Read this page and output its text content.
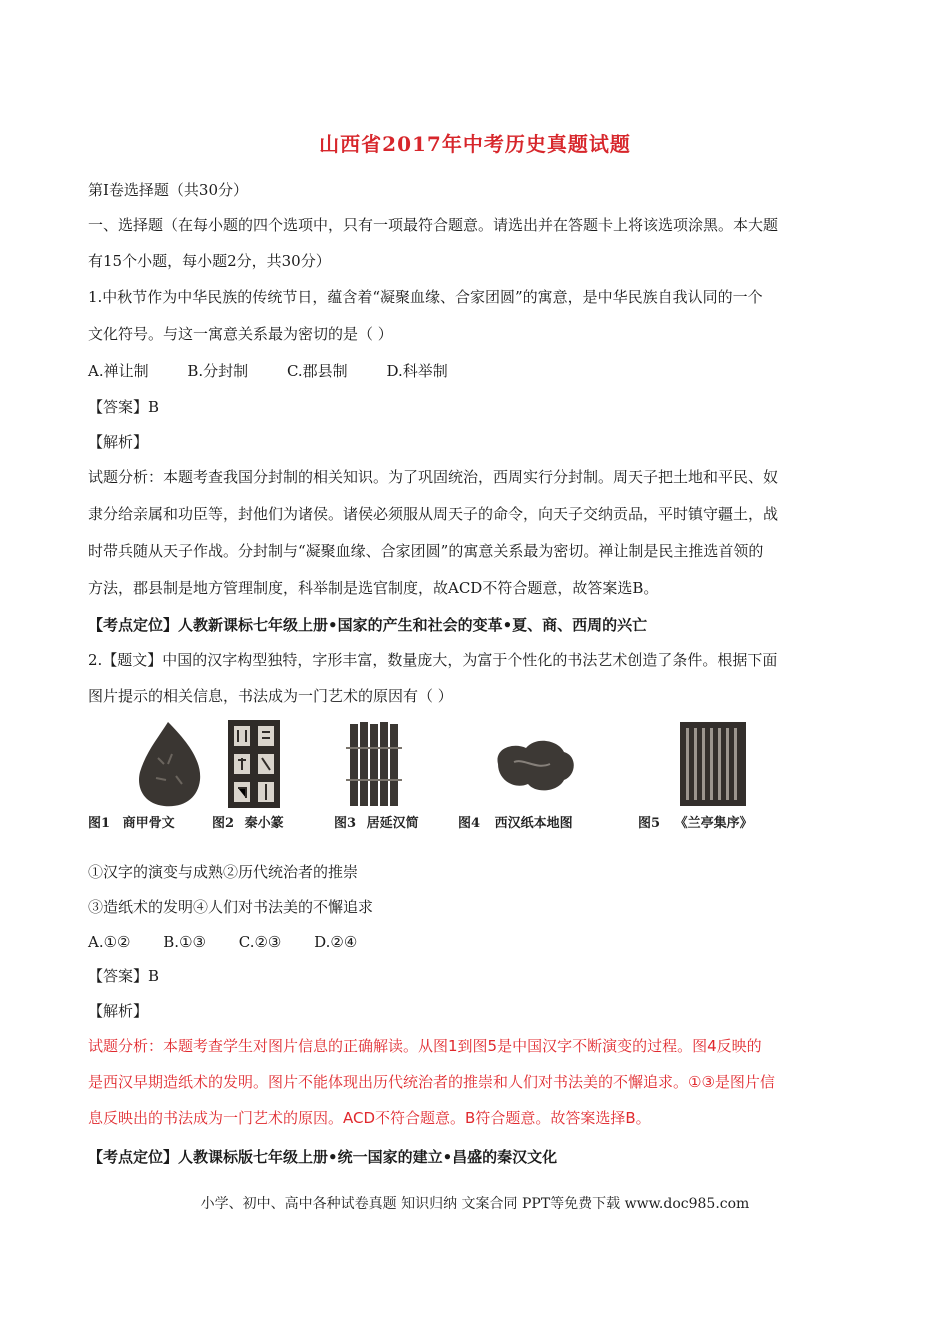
山西省2017年中考历史真题试题
第I卷选择题（共30分）
一、选择题（在每小题的四个选项中，只有一项最符合题意。请选出并在答题卡上将该选项涂黑。本大题
有15个小题，每小题2分，共30分）
1.中秋节作为中华民族的传统节日，蕴含着“凝聚血缘、合家团圆”的寓意，是中华民族自我认同的一个
文化符号。与这一寓意关系最为密切的是（ ）
A.禅让制	B.分封制	C.郡县制	D.科举制
【答案】B
【解析】
试题分析：本题考查我国分封制的相关知识。为了巩固统治，西周实行分封制。周天子把土地和平民、奴
隶分给亲属和功臣等，封他们为诸侯。诸侯必须服从周天子的命令，向天子交纳贡品，平时镇守疆土，战
时带兵随从天子作战。分封制与“凝聚血缘、合家团圆”的寓意关系最为密切。禅让制是民主推选首领的
方法，郡县制是地方管理制度，科举制是选官制度，故ACD不符合题意，故答案选B。
【考点定位】人教新课标七年级上册•国家的产生和社会的变革•夏、商、西周的兴亡
2.【题文】中国的汉字构型独特，字形丰富，数量庞大，为富于个性化的书法艺术创造了条件。根据下面
图片提示的相关信息，书法成为一门艺术的原因有（ ）
图1 商甲骨文	图2 秦小篆	图3 居延汉简	图4 西汉纸本地图	图5 《兰亭集序》
①汉字的演变与成熟②历代统治者的推崇
③造纸术的发明④人们对书法美的不懈追求
A.①② B.①③ C.②③ D.②④
【答案】B
【解析】
试题分析：本题考查学生对图片信息的正确解读。从图1到图5是中国汉字不断演变的过程。图4反映的
是西汉早期造纸术的发明。图片不能体现出历代统治者的推崇和人们对书法美的不懈追求。①③是图片信
息反映出的书法成为一门艺术的原因。ACD不符合题意。B符合题意。故答案选择B。
【考点定位】人教课标版七年级上册•统一国家的建立•昌盛的秦汉文化
小学、初中、高中各种试卷真题 知识归纳 文案合同 PPT等免费下载 www.doc985.com
